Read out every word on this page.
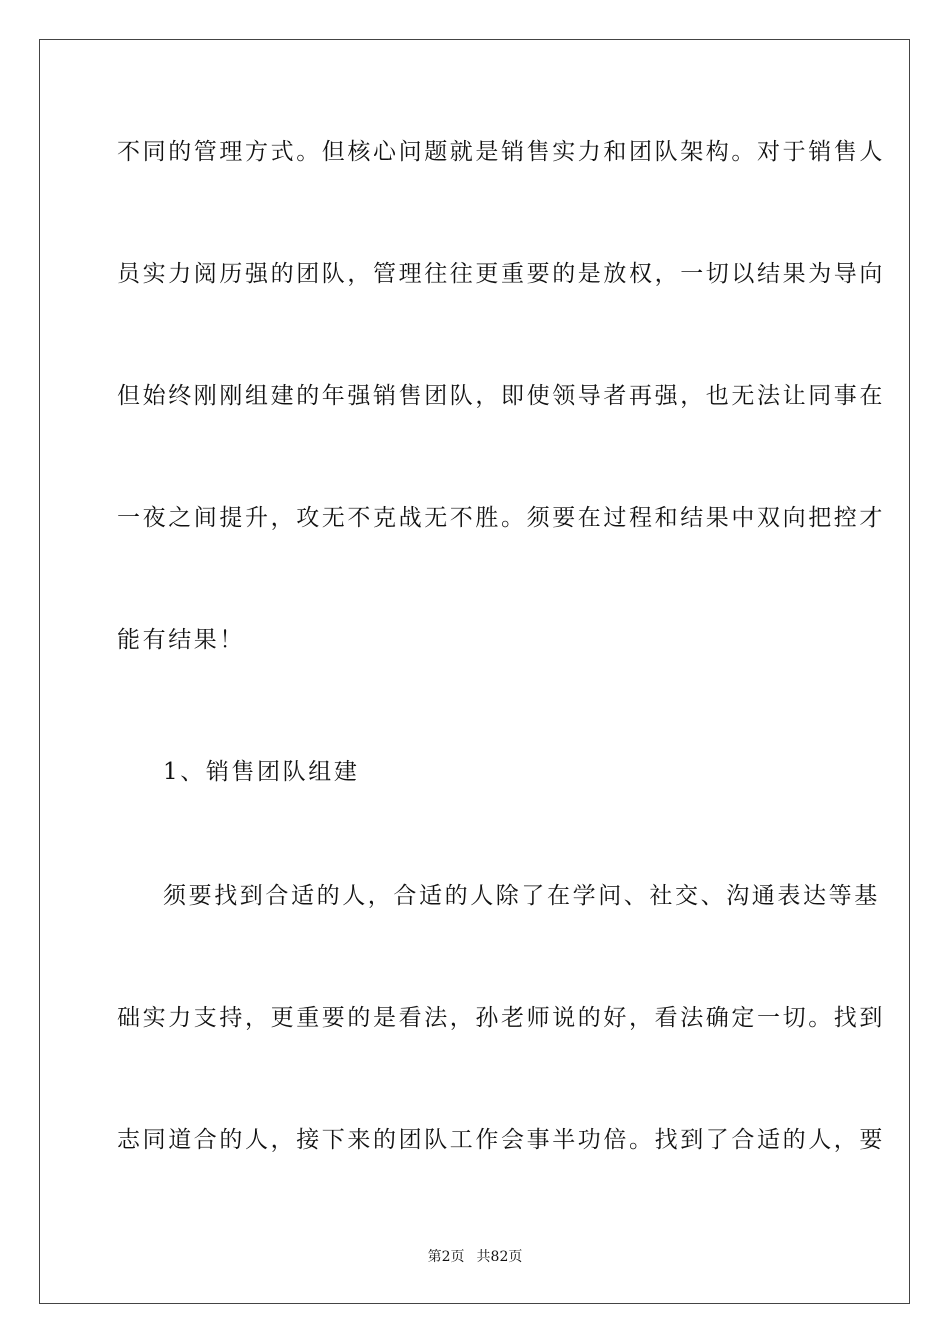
不同的管理方式。但核心问题就是销售实力和团队架构。对于销售人
员实力阅历强的团队，管理往往更重要的是放权，一切以结果为导向
但始终刚刚组建的年强销售团队，即使领导者再强，也无法让同事在
一夜之间提升，攻无不克战无不胜。须要在过程和结果中双向把控才
能有结果！
1、销售团队组建
须要找到合适的人，合适的人除了在学问、社交、沟通表达等基
础实力支持，更重要的是看法，孙老师说的好，看法确定一切。找到
志同道合的人，接下来的团队工作会事半功倍。找到了合适的人，要
第2页 共82页
